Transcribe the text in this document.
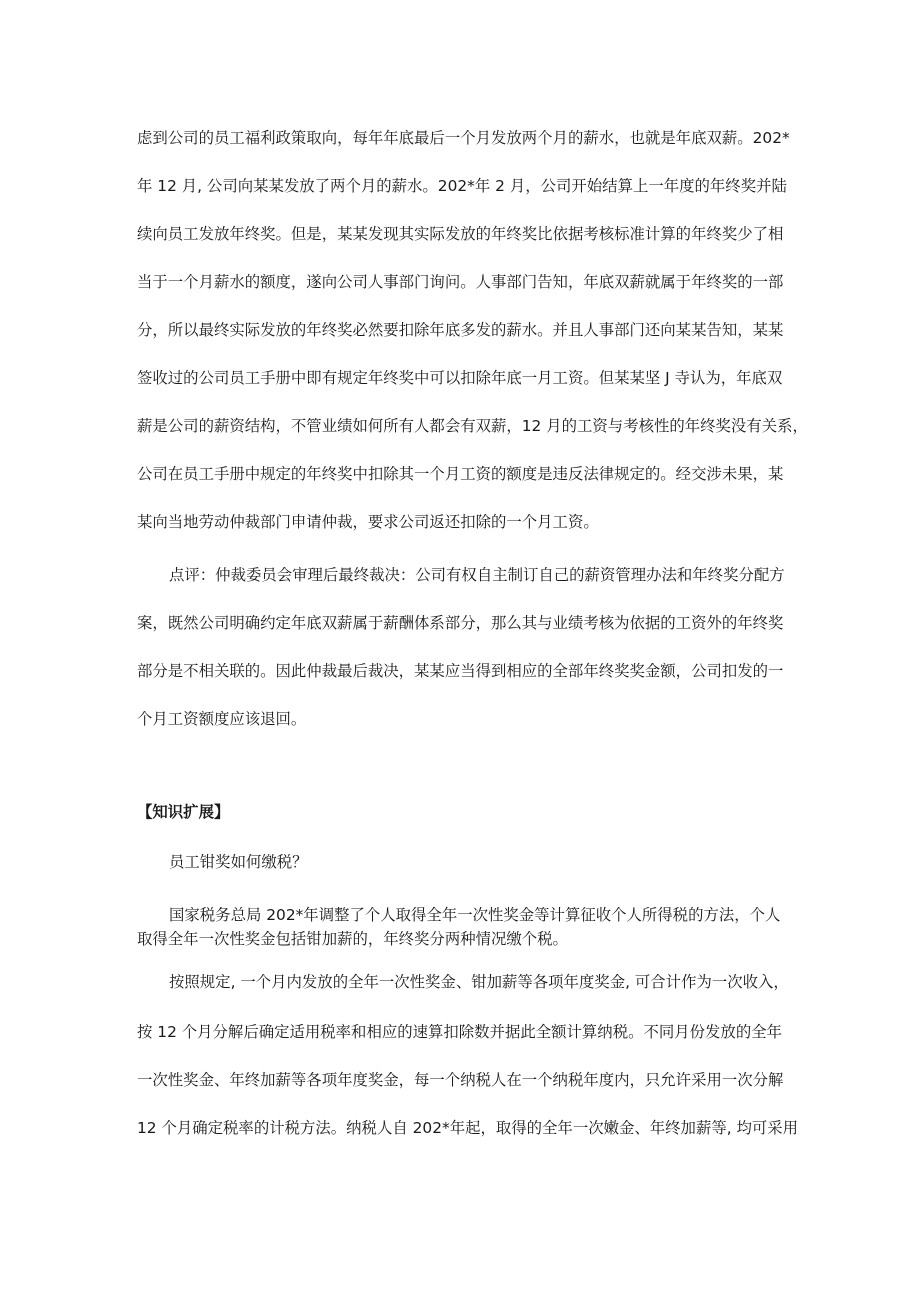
虑到公司的员工福利政策取向，每年年底最后一个月发放两个月的薪水，也就是年底双薪。202*
年 12 月, 公司向某某发放了两个月的薪水。202*年 2 月，公司开始结算上一年度的年终奖并陆
续向员工发放年终奖。但是，某某发现其实际发放的年终奖比依据考核标准计算的年终奖少了相
当于一个月薪水的额度，遂向公司人事部门询问。人事部门告知，年底双薪就属于年终奖的一部
分，所以最终实际发放的年终奖必然要扣除年底多发的薪水。并且人事部门还向某某告知，某某
签收过的公司员工手册中即有规定年终奖中可以扣除年底一月工资。但某某坚 J 寺认为，年底双
薪是公司的薪资结构，不管业绩如何所有人都会有双薪，12 月的工资与考核性的年终奖没有关系，
公司在员工手册中规定的年终奖中扣除其一个月工资的额度是违反法律规定的。经交涉未果，某
某向当地劳动仲裁部门申请仲裁，要求公司返还扣除的一个月工资。
点评：仲裁委员会审理后最终裁决：公司有权自主制订自己的薪资管理办法和年终奖分配方
案，既然公司明确约定年底双薪属于薪酬体系部分，那么其与业绩考核为依据的工资外的年终奖
部分是不相关联的。因此仲裁最后裁决，某某应当得到相应的全部年终奖奖金额，公司扣发的一
个月工资额度应该退回。
【知识扩展】
员工钳奖如何缴税？
国家税务总局 202*年调整了个人取得全年一次性奖金等计算征收个人所得税的方法，个人
取得全年一次性奖金包括钳加薪的，年终奖分两种情况缴个税。
按照规定, 一个月内发放的全年一次性奖金、钳加薪等各项年度奖金, 可合计作为一次收入，
按 12 个月分解后确定适用税率和相应的速算扣除数并据此全额计算纳税。不同月份发放的全年
一次性奖金、年终加薪等各项年度奖金，每一个纳税人在一个纳税年度内，只允许采用一次分解
12 个月确定税率的计税方法。纳税人自 202*年起，取得的全年一次嫩金、年终加薪等, 均可采用
